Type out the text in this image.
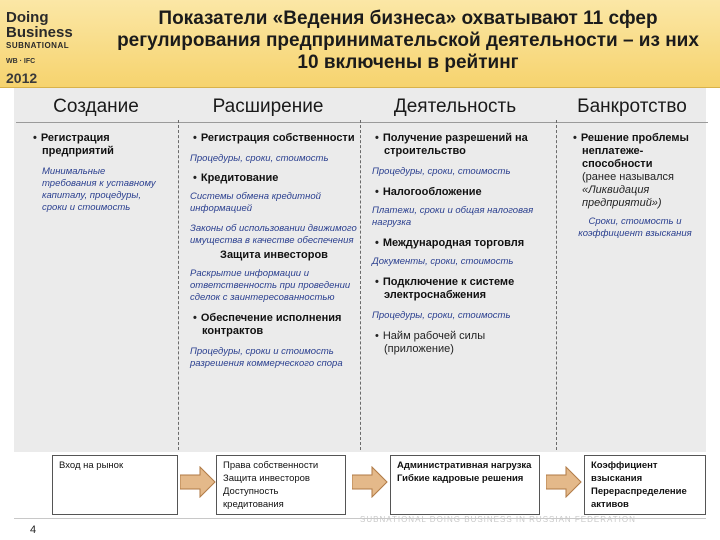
Doing
Business
SUBNATIONAL
WB · IFC
2012
Показатели «Ведения бизнеса» охватывают 11 сфер регулирования предпринимательской деятельности – из них 10 включены в рейтинг
Создание	Расширение	Деятельность	Банкротство
• Регистрация предприятий
Минимальные требования к уставному капиталу, процедуры, сроки и стоимость
• Регистрация собственности
Процедуры, сроки, стоимость
• Кредитование
Системы обмена кредитной информацией
Законы об использовании движимого имущества в качестве обеспечения
Защита инвесторов
Раскрытие информации и ответственность при проведении сделок с заинтересованностью
• Обеспечение исполнения контрактов
Процедуры, сроки и стоимость разрешения коммерческого спора
• Получение разрешений на строительство
Процедуры, сроки, стоимость
• Налогообложение
Платежи, сроки и общая налоговая нагрузка
• Международная торговля
Документы, сроки, стоимость
• Подключение к системе электроснабжения
Процедуры, сроки, стоимость
• Найм рабочей силы (приложение)
• Решение проблемы неплатеже-способности
(ранее назывался
«Ликвидация предприятий»)
Сроки, стоимость и коэффициент взыскания
Вход на рынок	Права собственности
Защита инвесторов
Доступность кредитования
Административная нагрузка
Гибкие кадровые решения
Коэффициент взыскания
Перераспределение активов
SUBNATIONAL DOING BUSINESS IN RUSSIAN FEDERATION
4
